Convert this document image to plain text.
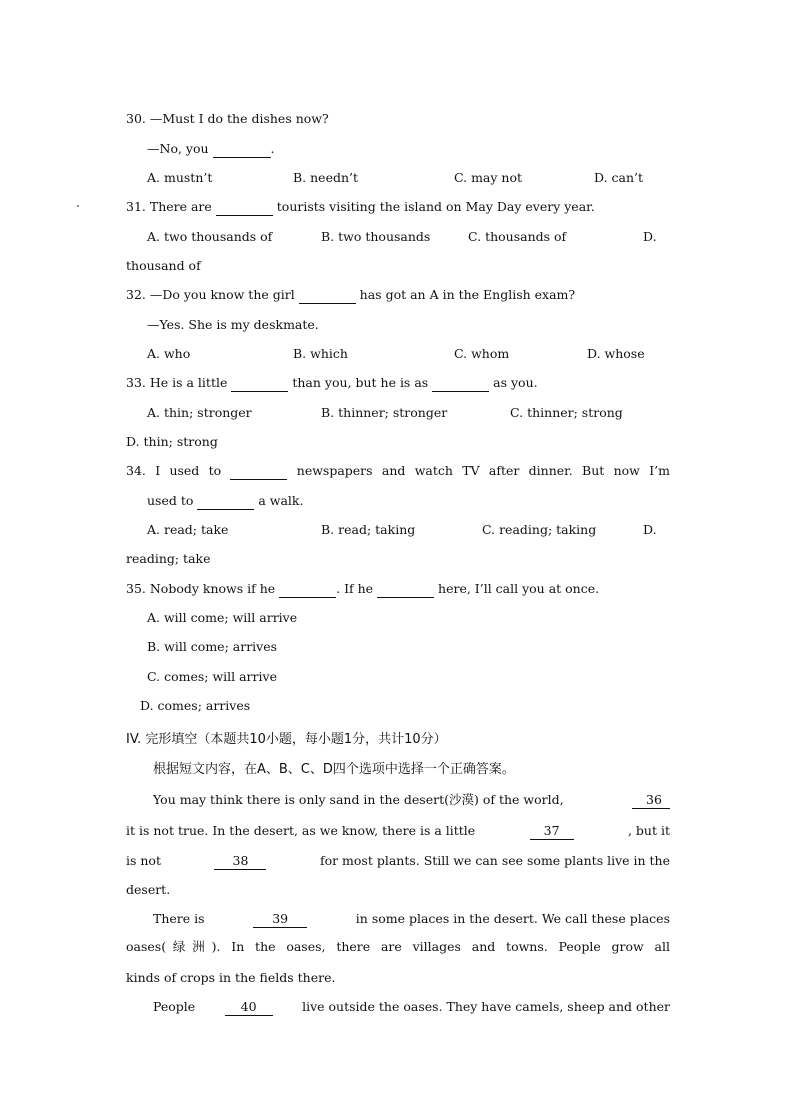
30. —Must I do the dishes now?
—No, you	.
A. mustn’t	B. needn’t	C. may not	D. can’t
31. There are	tourists visiting the island on May Day every year.
A. two thousands of	B. two thousands	C. thousands of	D.
thousand of
32. —Do you know the girl	has got an A in the English exam?
—Yes. She is my deskmate.
A. who	B. which	C. whom	D. whose
33. He is a little	than you, but he is as	as you.
A. thin; stronger	B. thinner; stronger	C. thinner; strong
D. thin; strong
34. I used to
	newspapers and watch TV after dinner. But now I’m
used to	a walk.
A. read; take	B. read; taking	C. reading; taking	D.
reading; take
35. Nobody knows if he	. If he	here, I’ll call you at once.
A. will come; will arrive
B. will come; arrives
C. comes; will arrive
D. comes; arrives
IV. 完形填空（本题共10小题，每小题1分，共计10分）
根据短文内容，在A、B、C、D四个选项中选择一个正确答案。
You may think there is only sand in the desert(沙漠) of the world,	36
it is not true. In the desert, as we know, there is a little	37	, but it
is not	38	for most plants. Still we can see some plants live in the
desert.
There is	39	in some places in the desert. We call these places
oases(绿洲). In the oases, there are villages and towns. People grow all
kinds of crops in the fields there.
People	40	live outside the oases. They have camels, sheep and other
